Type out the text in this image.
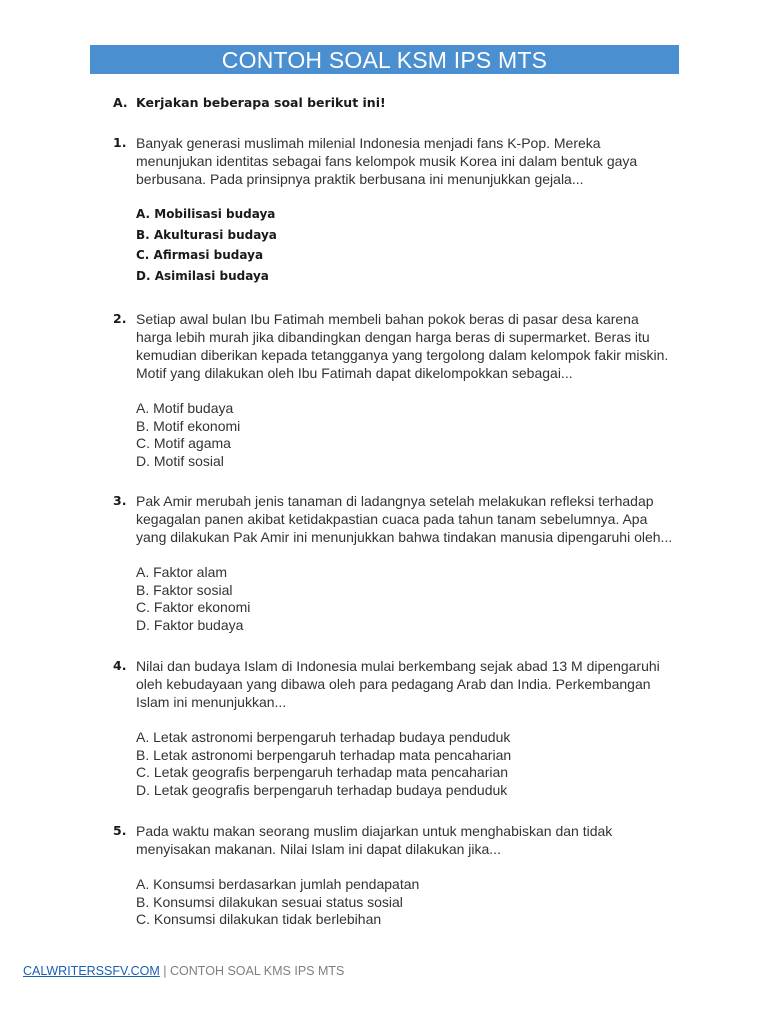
CONTOH SOAL KSM IPS MTS
A. Kerjakan beberapa soal berikut ini!
1. Banyak generasi muslimah milenial Indonesia menjadi fans K-Pop. Mereka menunjukan identitas sebagai fans kelompok musik Korea ini dalam bentuk gaya berbusana. Pada prinsipnya praktik berbusana ini menunjukkan gejala...
A. Mobilisasi budaya
B. Akulturasi budaya
C. Afirmasi budaya
D. Asimilasi budaya
2. Setiap awal bulan Ibu Fatimah membeli bahan pokok beras di pasar desa karena harga lebih murah jika dibandingkan dengan harga beras di supermarket. Beras itu kemudian diberikan kepada tetangganya yang tergolong dalam kelompok fakir miskin. Motif yang dilakukan oleh Ibu Fatimah dapat dikelompokkan sebagai...
A. Motif budaya
B. Motif ekonomi
C. Motif agama
D. Motif sosial
3. Pak Amir merubah jenis tanaman di ladangnya setelah melakukan refleksi terhadap kegagalan panen akibat ketidakpastian cuaca pada tahun tanam sebelumnya. Apa yang dilakukan Pak Amir ini menunjukkan bahwa tindakan manusia dipengaruhi oleh...
A. Faktor alam
B. Faktor sosial
C. Faktor ekonomi
D. Faktor budaya
4. Nilai dan budaya Islam di Indonesia mulai berkembang sejak abad 13 M dipengaruhi oleh kebudayaan yang dibawa oleh para pedagang Arab dan India. Perkembangan Islam ini menunjukkan...
A. Letak astronomi berpengaruh terhadap budaya penduduk
B. Letak astronomi berpengaruh terhadap mata pencaharian
C. Letak geografis berpengaruh terhadap mata pencaharian
D. Letak geografis berpengaruh terhadap budaya penduduk
5. Pada waktu makan seorang muslim diajarkan untuk menghabiskan dan tidak menyisakan makanan. Nilai Islam ini dapat dilakukan jika...
A. Konsumsi berdasarkan jumlah pendapatan
B. Konsumsi dilakukan sesuai status sosial
C. Konsumsi dilakukan tidak berlebihan
CALWRITERSSFV.COM | CONTOH SOAL KMS IPS MTS
